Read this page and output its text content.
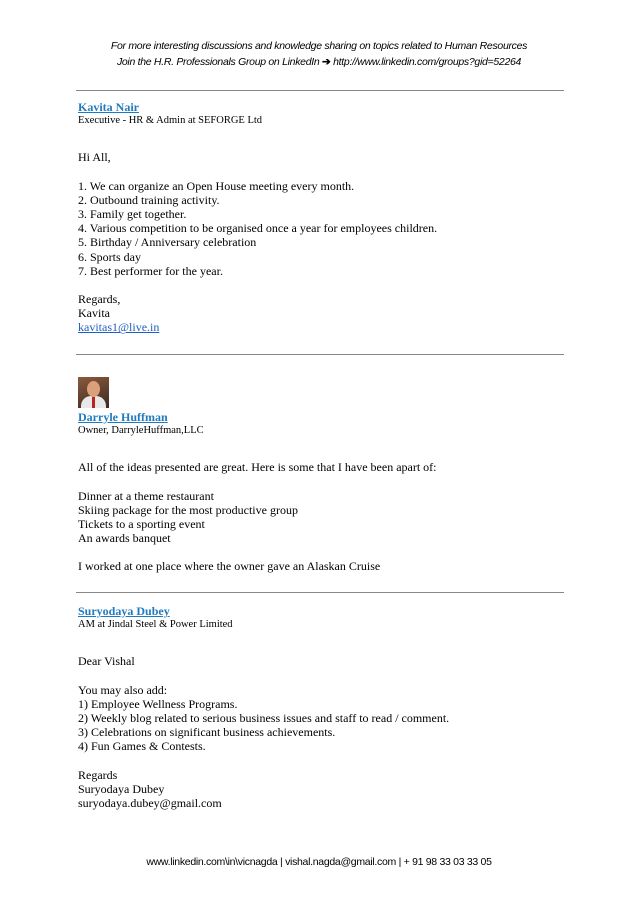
For more interesting discussions and knowledge sharing on topics related to Human Resources
Join the H.R. Professionals Group on LinkedIn ➔ http://www.linkedin.com/groups?gid=52264
Kavita Nair
Executive - HR & Admin at SEFORGE Ltd
Hi All,
1. We can organize an Open House meeting every month.
2. Outbound training activity.
3. Family get together.
4. Various competition to be organised once a year for employees children.
5. Birthday / Anniversary celebration
6. Sports day
7. Best performer for the year.
Regards,
Kavita
kavitas1@live.in
Darryle Huffman
Owner, DarryleHuffman,LLC
All of the ideas presented are great. Here is some that I have been apart of:
Dinner at a theme restaurant
Skiing package for the most productive group
Tickets to a sporting event
An awards banquet
I worked at one place where the owner gave an Alaskan Cruise
Suryodaya Dubey
AM at Jindal Steel & Power Limited
Dear Vishal
You may also add:
1) Employee Wellness Programs.
2) Weekly blog related to serious business issues and staff to read / comment.
3) Celebrations on significant business achievements.
4) Fun Games & Contests.
Regards
Suryodaya Dubey
suryodaya.dubey@gmail.com
www.linkedin.com\in\vicnagda | vishal.nagda@gmail.com | + 91 98 33 03 33 05
